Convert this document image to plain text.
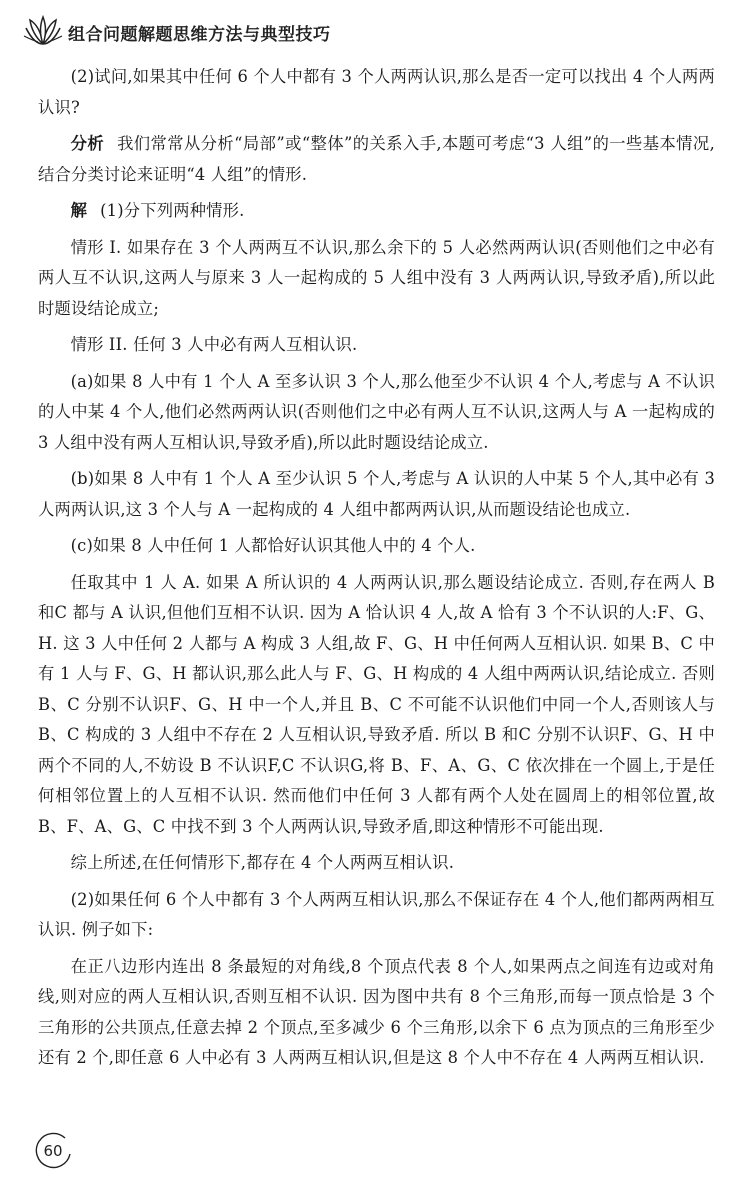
组合问题解题思维方法与典型技巧

(2)试问,如果其中任何 6 个人中都有 3 个人两两认识,那么是否一定可以找出 4 个人两两认识?

分析 我们常常从分析“局部”或“整体”的关系入手,本题可考虑“3 人组”的一些基本情况,结合分类讨论来证明“4 人组”的情形.

解 (1)分下列两种情形.

情形 I. 如果存在 3 个人两两互不认识,那么余下的 5 人必然两两认识(否则他们之中必有两人互不认识,这两人与原来 3 人一起构成的 5 人组中没有 3 人两两认识,导致矛盾),所以此时题设结论成立;

情形 II. 任何 3 人中必有两人互相认识.

(a)如果 8 人中有 1 个人 A 至多认识 3 个人,那么他至少不认识 4 个人,考虑与 A 不认识的人中某 4 个人,他们必然两两认识(否则他们之中必有两人互不认识,这两人与 A 一起构成的 3 人组中没有两人互相认识,导致矛盾),所以此时题设结论成立.

(b)如果 8 人中有 1 个人 A 至少认识 5 个人,考虑与 A 认识的人中某 5 个人,其中必有 3 人两两认识,这 3 个人与 A 一起构成的 4 人组中都两两认识,从而题设结论也成立.

(c)如果 8 人中任何 1 人都恰好认识其他人中的 4 个人.

任取其中 1 人 A. 如果 A 所认识的 4 人两两认识,那么题设结论成立. 否则,存在两人 B 和C 都与 A 认识,但他们互相不认识. 因为 A 恰认识 4 人,故 A 恰有 3 个不认识的人:F、G、H. 这 3 人中任何 2 人都与 A 构成 3 人组,故 F、G、H 中任何两人互相认识. 如果 B、C 中有 1 人与 F、G、H 都认识,那么此人与 F、G、H 构成的 4 人组中两两认识,结论成立. 否则 B、C 分别不认识F、G、H 中一个人,并且 B、C 不可能不认识他们中同一个人,否则该人与 B、C 构成的 3 人组中不存在 2 人互相认识,导致矛盾. 所以 B 和C 分别不认识F、G、H 中两个不同的人,不妨设 B 不认识F,C 不认识G,将 B、F、A、G、C 依次排在一个圆上,于是任何相邻位置上的人互相不认识. 然而他们中任何 3 人都有两个人处在圆周上的相邻位置,故 B、F、A、G、C 中找不到 3 个人两两认识,导致矛盾,即这种情形不可能出现.

综上所述,在任何情形下,都存在 4 个人两两互相认识.

(2)如果任何 6 个人中都有 3 个人两两互相认识,那么不保证存在 4 个人,他们都两两相互认识. 例子如下:

在正八边形内连出 8 条最短的对角线,8 个顶点代表 8 个人,如果两点之间连有边或对角线,则对应的两人互相认识,否则互相不认识. 因为图中共有 8 个三角形,而每一顶点恰是 3 个三角形的公共顶点,任意去掉 2 个顶点,至多减少 6 个三角形,以余下 6 点为顶点的三角形至少还有 2 个,即任意 6 人中必有 3 人两两互相认识,但是这 8 个人中不存在 4 人两两互相认识.

60
